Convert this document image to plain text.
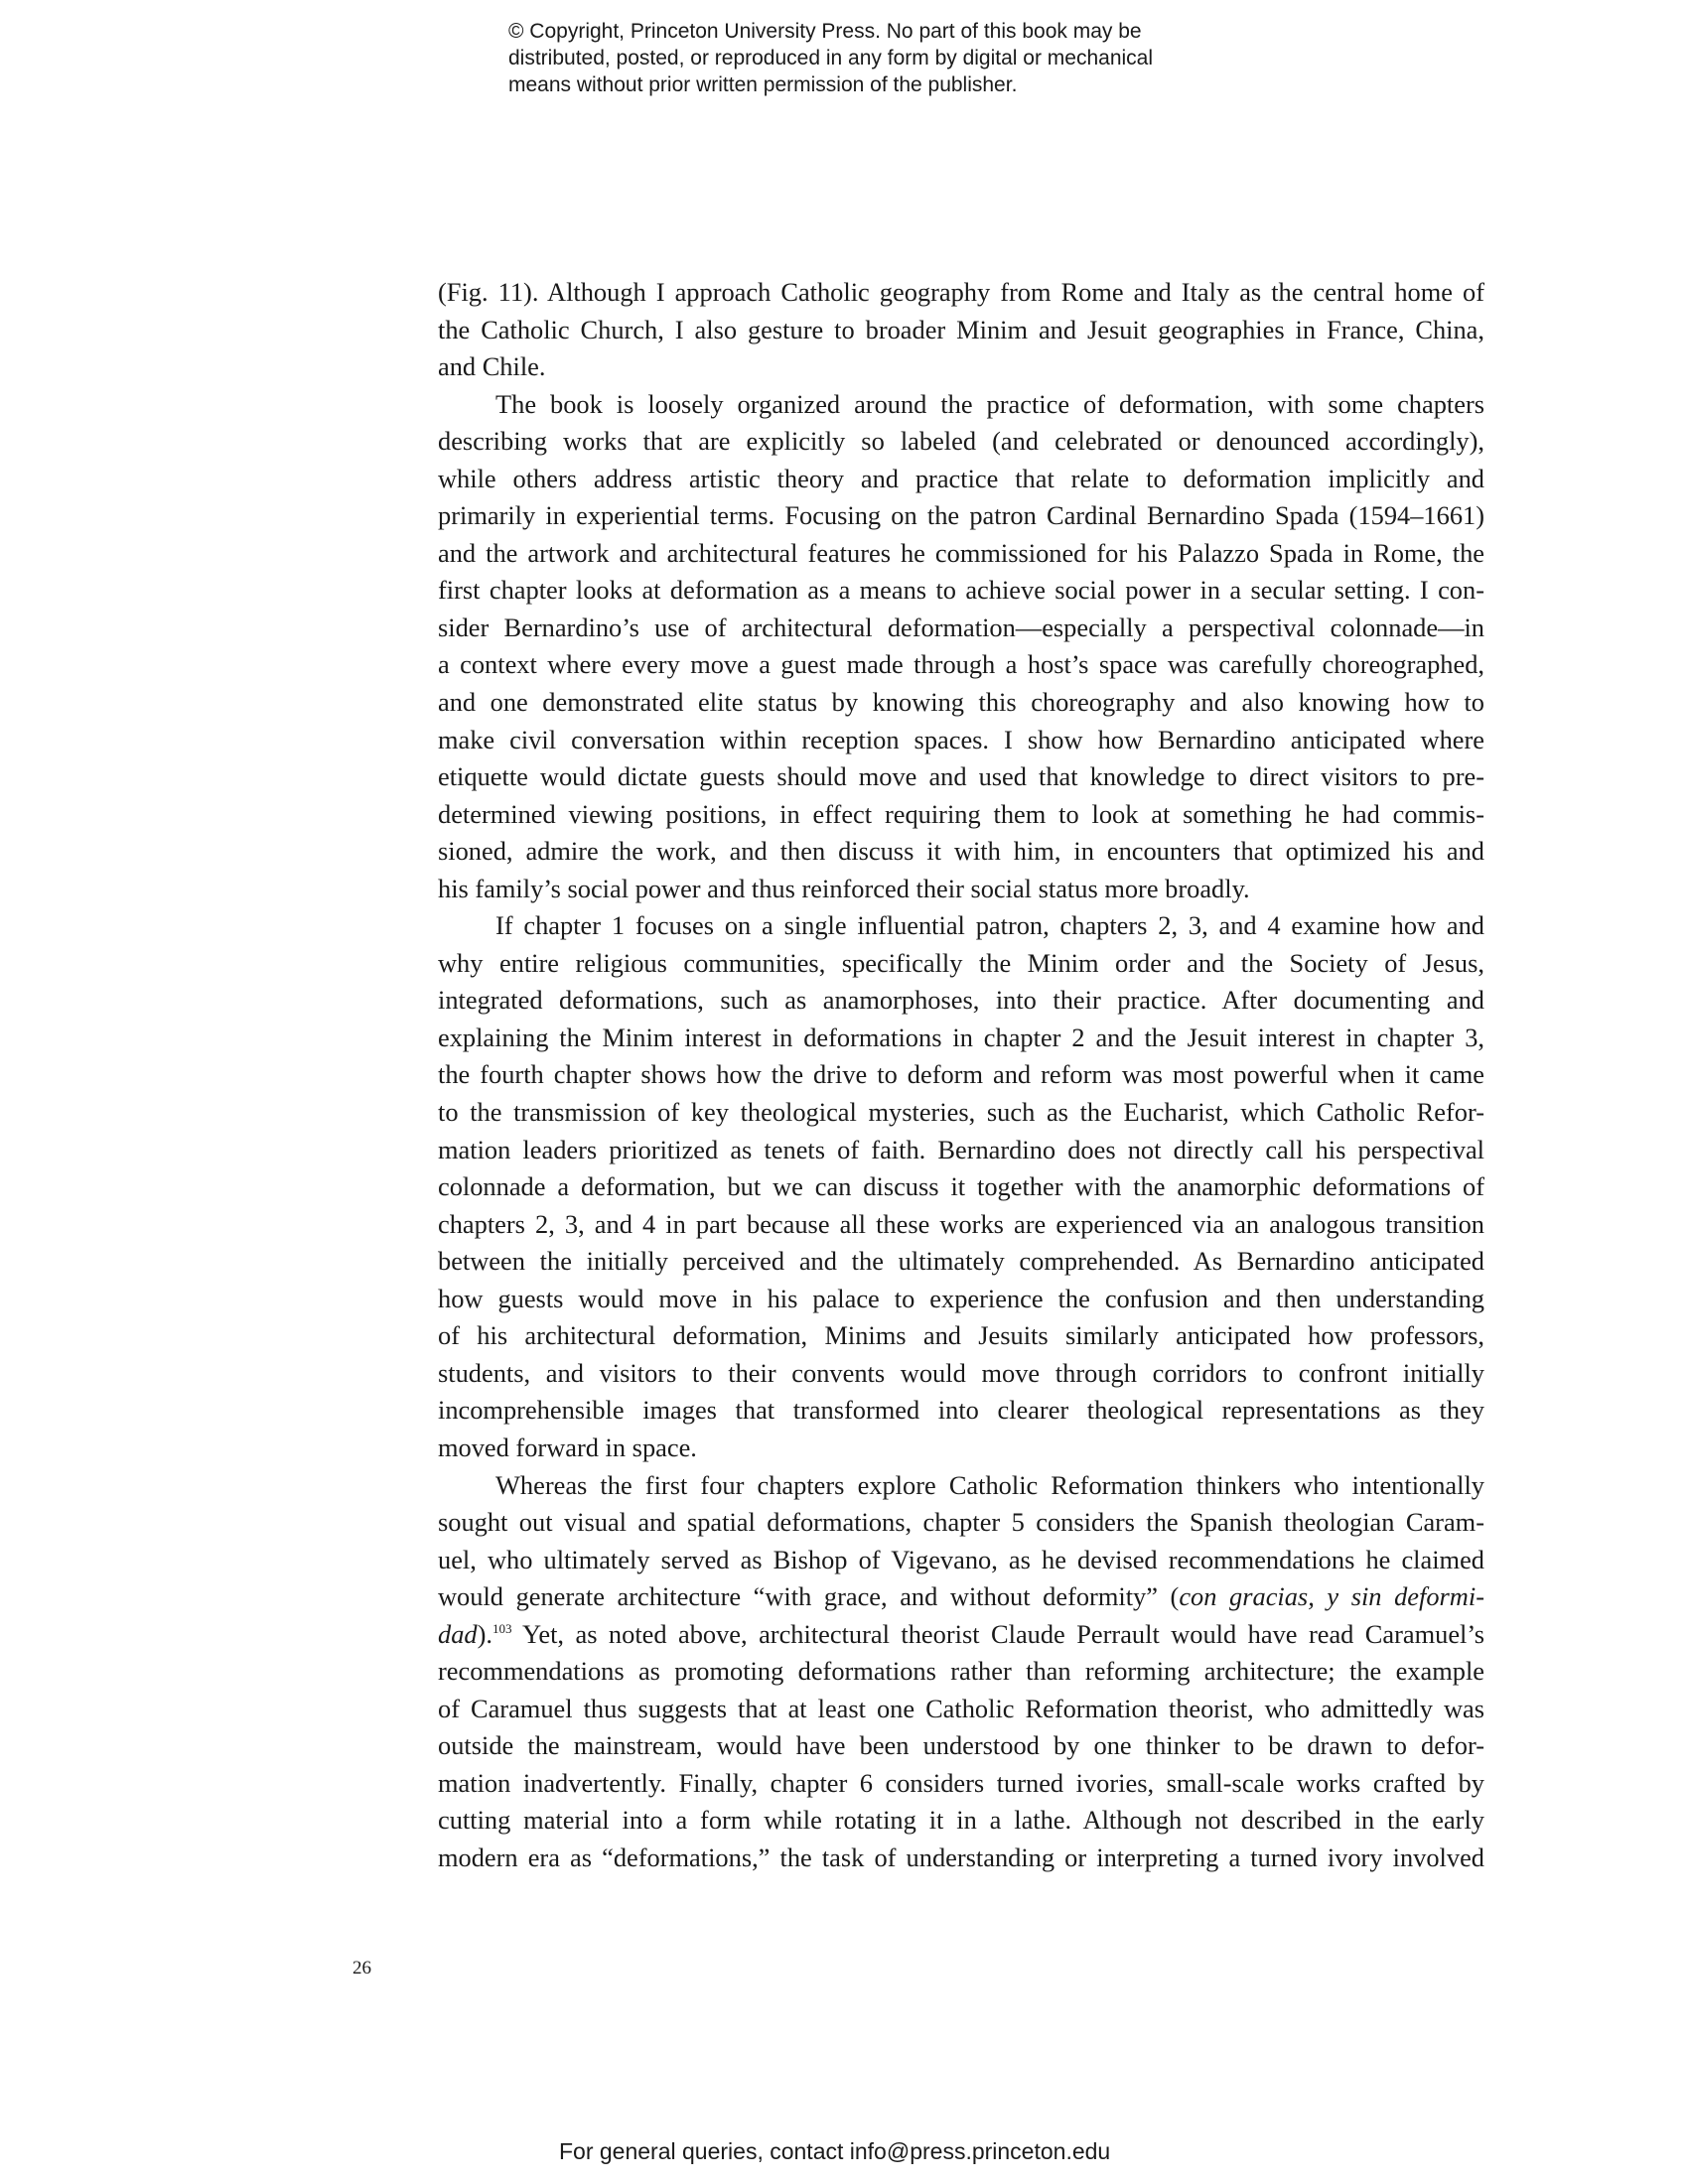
© Copyright, Princeton University Press. No part of this book may be
distributed, posted, or reproduced in any form by digital or mechanical
means without prior written permission of the publisher.
(Fig. 11). Although I approach Catholic geography from Rome and Italy as the central home of
the Catholic Church, I also gesture to broader Minim and Jesuit geographies in France, China,
and Chile.
The book is loosely organized around the practice of deformation, with some chapters
describing works that are explicitly so labeled (and celebrated or denounced accordingly),
while others address artistic theory and practice that relate to deformation implicitly and
primarily in experiential terms. Focusing on the patron Cardinal Bernardino Spada (1594–1661)
and the artwork and architectural features he commissioned for his Palazzo Spada in Rome, the
first chapter looks at deformation as a means to achieve social power in a secular setting. I con-
sider Bernardino’s use of architectural deformation—especially a perspectival colonnade—in
a context where every move a guest made through a host’s space was carefully choreographed,
and one demonstrated elite status by knowing this choreography and also knowing how to
make civil conversation within reception spaces. I show how Bernardino anticipated where
etiquette would dictate guests should move and used that knowledge to direct visitors to pre-
determined viewing positions, in effect requiring them to look at something he had commis-
sioned, admire the work, and then discuss it with him, in encounters that optimized his and
his family’s social power and thus reinforced their social status more broadly.
If chapter 1 focuses on a single influential patron, chapters 2, 3, and 4 examine how and
why entire religious communities, specifically the Minim order and the Society of Jesus,
integrated deformations, such as anamorphoses, into their practice. After documenting and
explaining the Minim interest in deformations in chapter 2 and the Jesuit interest in chapter 3,
the fourth chapter shows how the drive to deform and reform was most powerful when it came
to the transmission of key theological mysteries, such as the Eucharist, which Catholic Refor-
mation leaders prioritized as tenets of faith. Bernardino does not directly call his perspectival
colonnade a deformation, but we can discuss it together with the anamorphic deformations of
chapters 2, 3, and 4 in part because all these works are experienced via an analogous transition
between the initially perceived and the ultimately comprehended. As Bernardino anticipated
how guests would move in his palace to experience the confusion and then understanding
of his architectural deformation, Minims and Jesuits similarly anticipated how professors,
students, and visitors to their convents would move through corridors to confront initially
incomprehensible images that transformed into clearer theological representations as they
moved forward in space.
Whereas the first four chapters explore Catholic Reformation thinkers who intentionally
sought out visual and spatial deformations, chapter 5 considers the Spanish theologian Caram-
uel, who ultimately served as Bishop of Vigevano, as he devised recommendations he claimed
would generate architecture “with grace, and without deformity” (con gracias, y sin deformi-
dad).$^{103}$ Yet, as noted above, architectural theorist Claude Perrault would have read Caramuel’s
recommendations as promoting deformations rather than reforming architecture; the example
of Caramuel thus suggests that at least one Catholic Reformation theorist, who admittedly was
outside the mainstream, would have been understood by one thinker to be drawn to defor-
mation inadvertently. Finally, chapter 6 considers turned ivories, small-scale works crafted by
cutting material into a form while rotating it in a lathe. Although not described in the early
modern era as “deformations,” the task of understanding or interpreting a turned ivory involved
26
For general queries, contact info@press.princeton.edu
